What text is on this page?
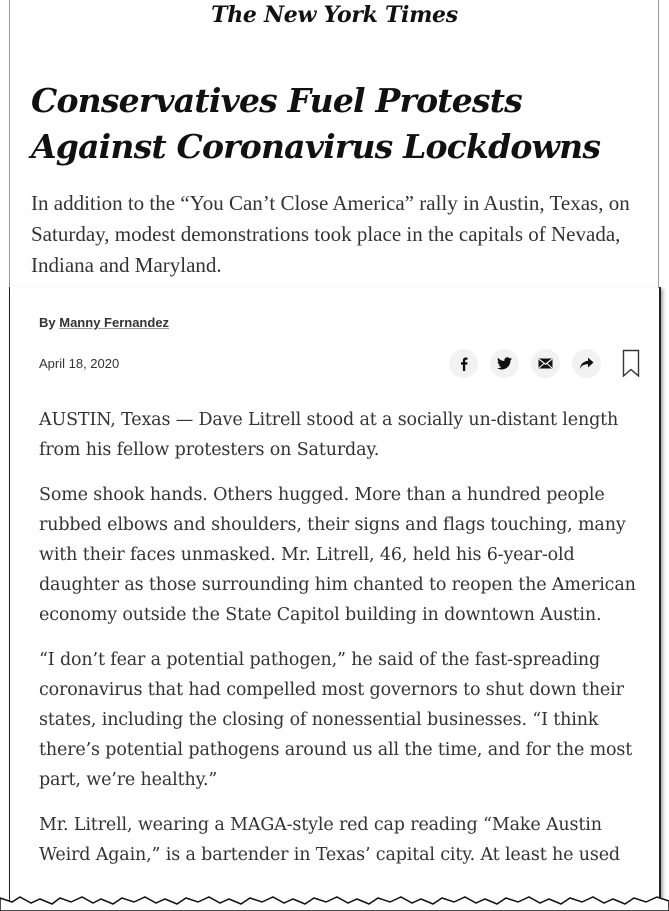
The New York Times
Conservatives Fuel Protests Against Coronavirus Lockdowns

In addition to the “You Can’t Close America” rally in Austin, Texas, on Saturday, modest demonstrations took place in the capitals of Nevada, Indiana and Maryland.

By Manny Fernandez
April 18, 2020

AUSTIN, Texas — Dave Litrell stood at a socially un-distant length from his fellow protesters on Saturday.

Some shook hands. Others hugged. More than a hundred people rubbed elbows and shoulders, their signs and flags touching, many with their faces unmasked. Mr. Litrell, 46, held his 6-year-old daughter as those surrounding him chanted to reopen the American economy outside the State Capitol building in downtown Austin.

“I don’t fear a potential pathogen,” he said of the fast-spreading coronavirus that had compelled most governors to shut down their states, including the closing of nonessential businesses. “I think there’s potential pathogens around us all the time, and for the most part, we’re healthy.”

Mr. Litrell, wearing a MAGA-style red cap reading “Make Austin Weird Again,” is a bartender in Texas’ capital city. At least he used
